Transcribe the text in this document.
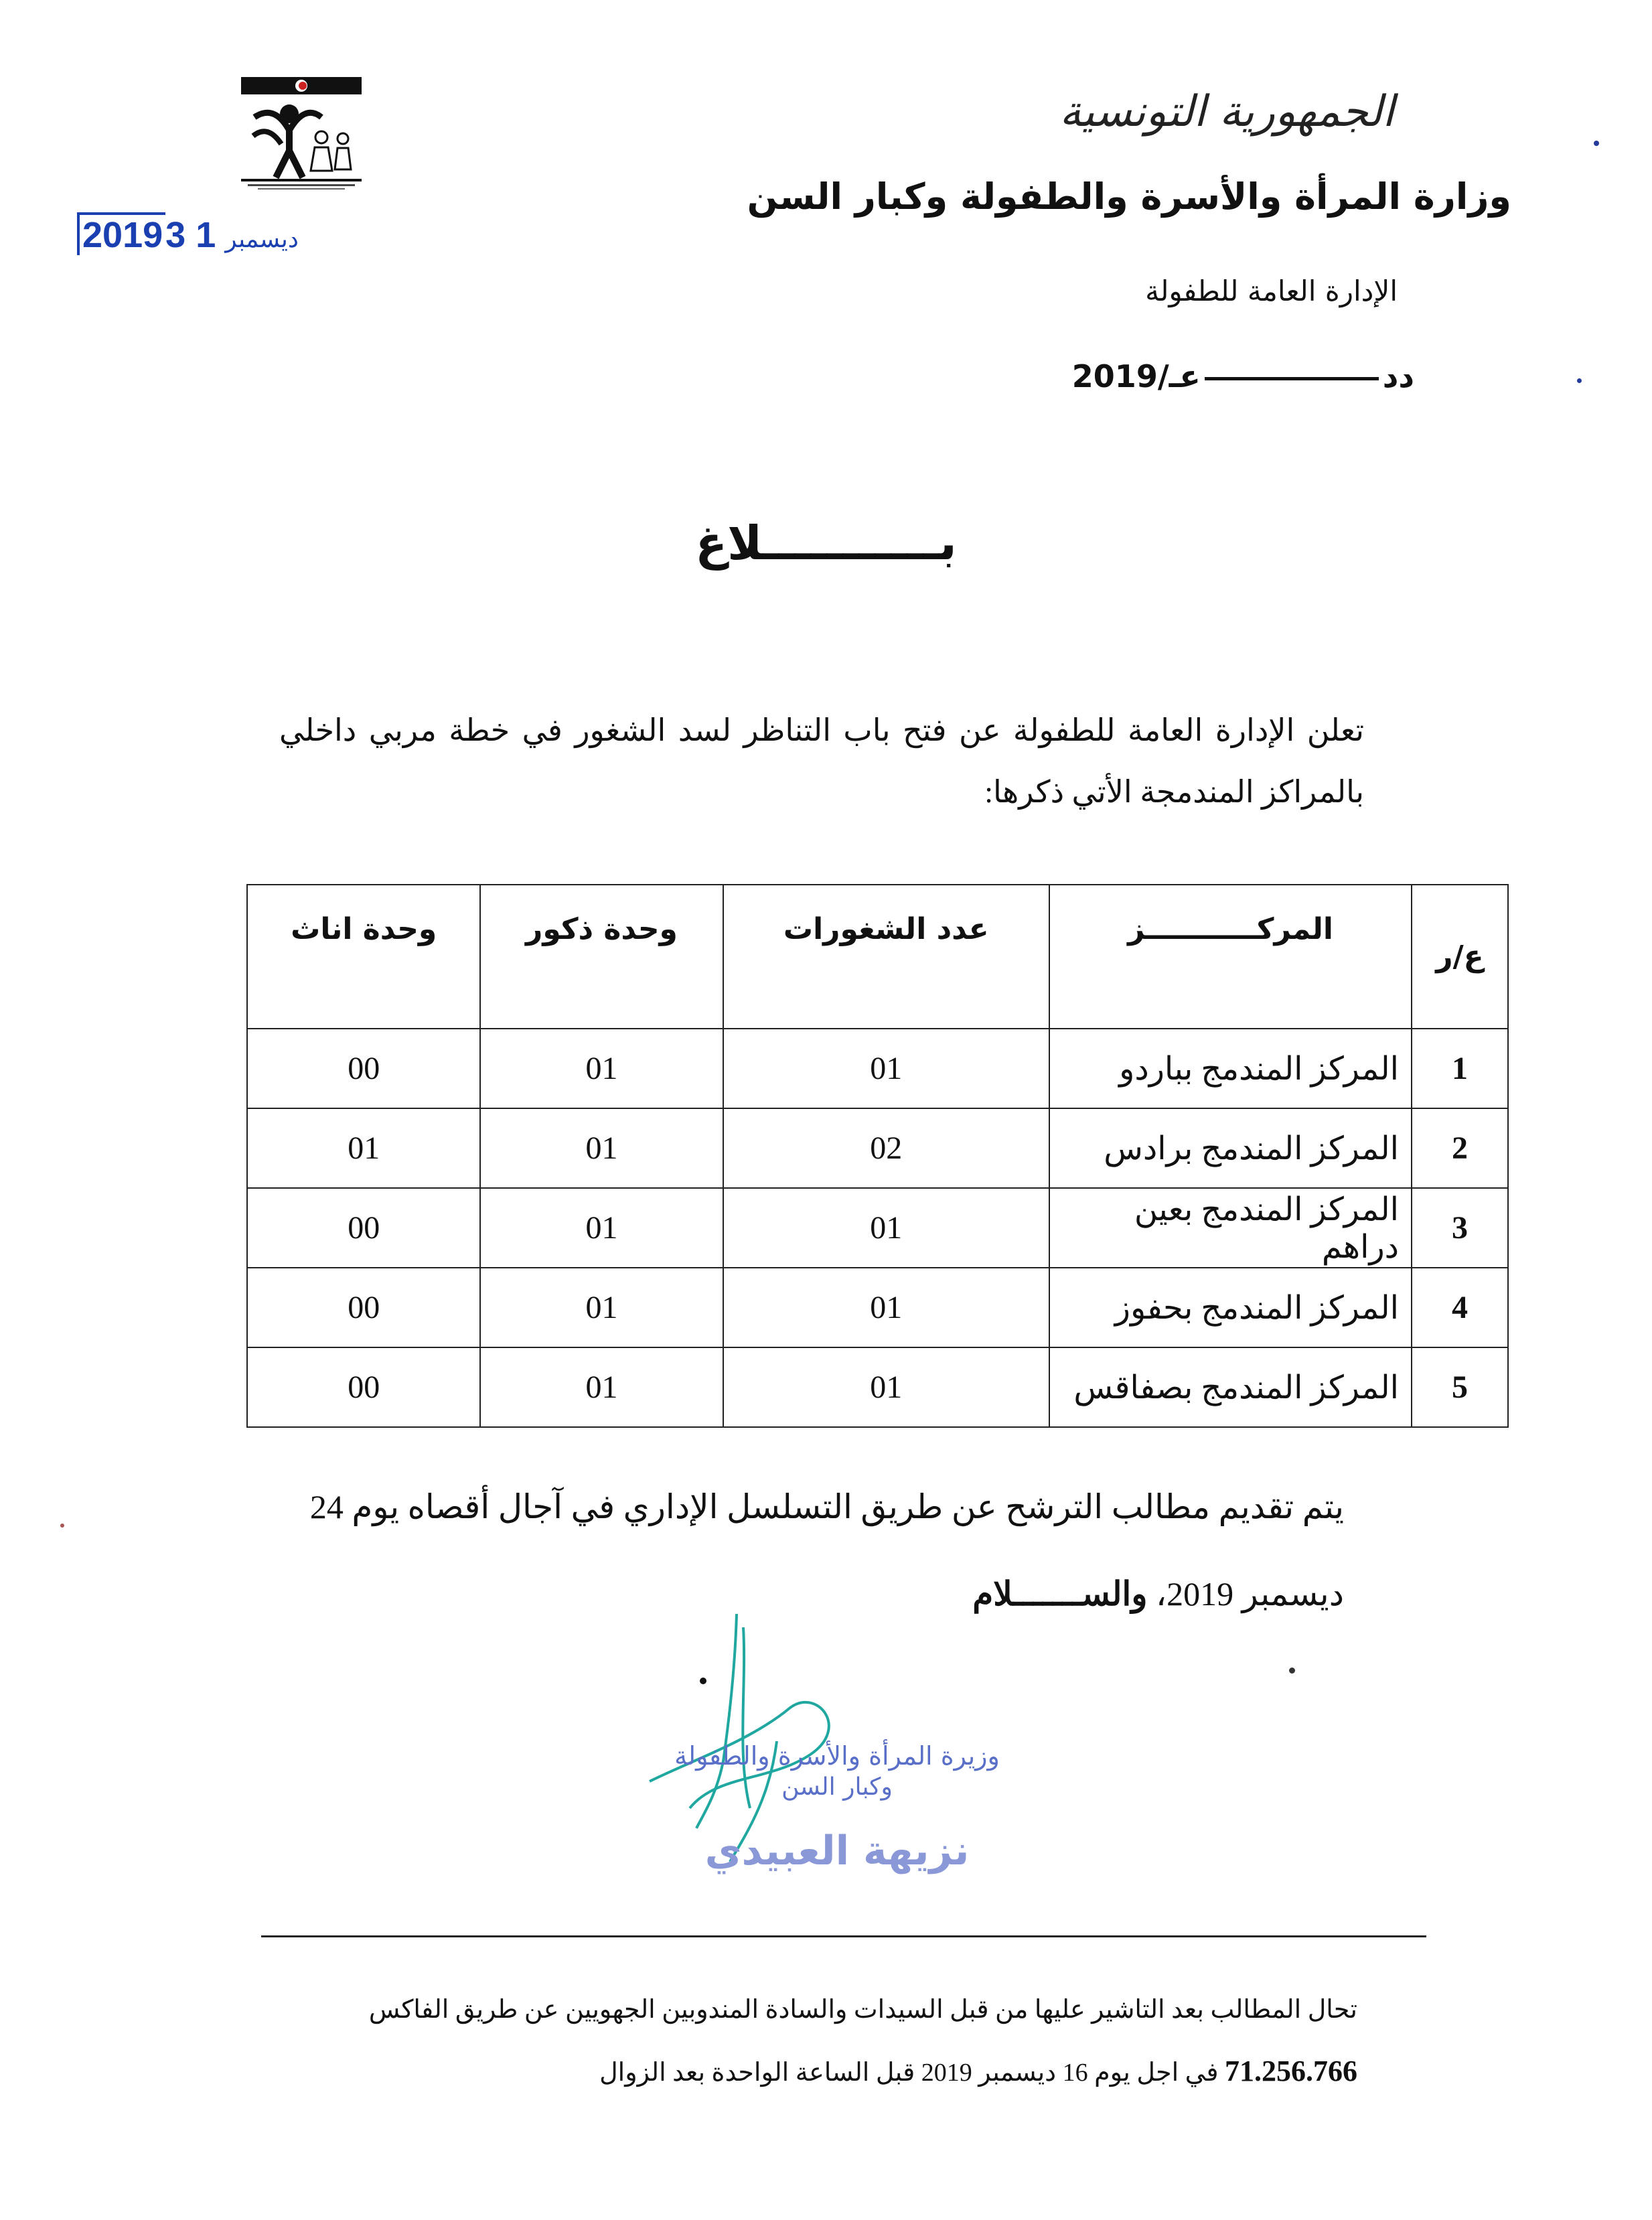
الجمهورية التونسية
وزارة المرأة والأسرة والطفولة وكبار السن
الإدارة العامة للطفولة
2019/ددعـ
2019	ديسمبر1 3
بـــــــــــلاغ
تعلن الإدارة العامة للطفولة عن فتح باب التناظر لسد الشغور في خطة مربي داخلي بالمراكز المندمجة الأتي ذكرها:
ع/ر	المركـــــــــــز	عدد الشغورات	وحدة ذكور	وحدة اناث
1	المركز المندمج بباردو	01	01	00
2	المركز المندمج برادس	02	01	01
3	المركز المندمج بعين دراهم	01	01	00
4	المركز المندمج بحفوز	01	01	00
5	المركز المندمج بصفاقس	01	01	00
يتم تقديم مطالب الترشح عن طريق التسلسل الإداري في آجال أقصاه يوم 24
ديسمبر 2019، والســـــــلام
وزيرة المرأة والأسرة والطفولة
وكبار السن
نزيهة العبيدي
تحال المطالب بعد التاشير عليها من قبل السيدات والسادة المندوبين الجهويين عن طريق الفاكس
71.256.766 في اجل يوم 16 ديسمبر 2019 قبل الساعة الواحدة بعد الزوال
